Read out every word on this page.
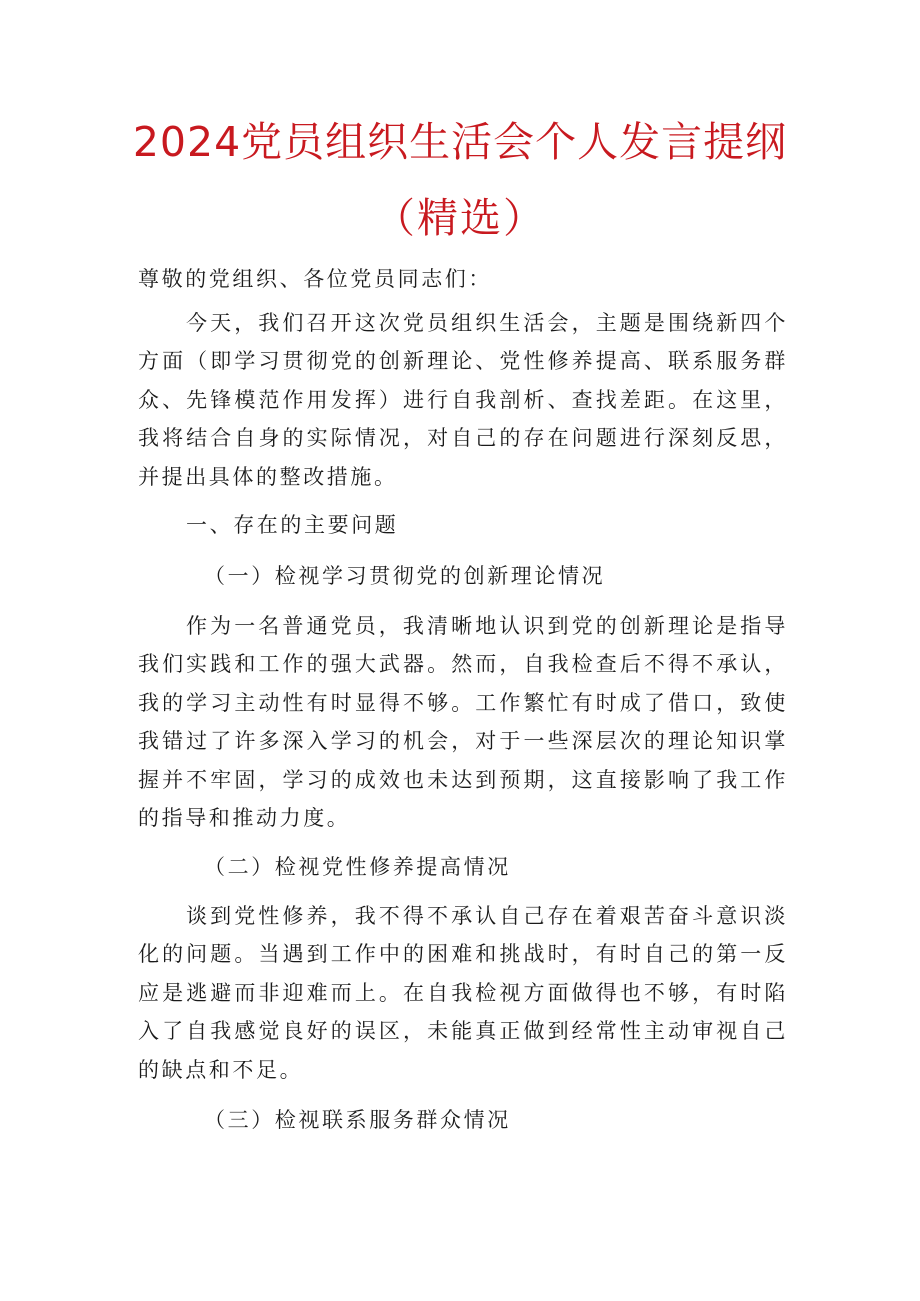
2024党员组织生活会个人发言提纲
（精选）

尊敬的党组织、各位党员同志们：

今天，我们召开这次党员组织生活会，主题是围绕新四个方面（即学习贯彻党的创新理论、党性修养提高、联系服务群众、先锋模范作用发挥）进行自我剖析、查找差距。在这里，我将结合自身的实际情况，对自己的存在问题进行深刻反思，并提出具体的整改措施。

一、存在的主要问题

（一）检视学习贯彻党的创新理论情况

作为一名普通党员，我清晰地认识到党的创新理论是指导我们实践和工作的强大武器。然而，自我检查后不得不承认，我的学习主动性有时显得不够。工作繁忙有时成了借口，致使我错过了许多深入学习的机会，对于一些深层次的理论知识掌握并不牢固，学习的成效也未达到预期，这直接影响了我工作的指导和推动力度。

（二）检视党性修养提高情况

谈到党性修养，我不得不承认自己存在着艰苦奋斗意识淡化的问题。当遇到工作中的困难和挑战时，有时自己的第一反应是逃避而非迎难而上。在自我检视方面做得也不够，有时陷入了自我感觉良好的误区，未能真正做到经常性主动审视自己的缺点和不足。

（三）检视联系服务群众情况
